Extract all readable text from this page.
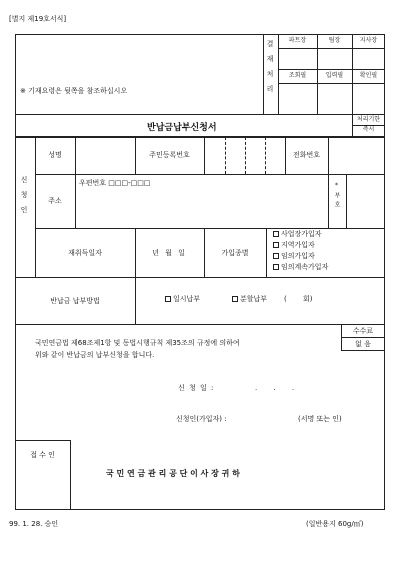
[별지 제19호서식]
결재처리	파트장	팀장	지사장
조회필	입력필	확인필
※ 기재요령은 뒷쪽을 참조하십시오
반납금납부신청서
처리기한
즉시
신청인
성명	주민등록번호	전화번호
주소
우편번호 □□□-□□□	*부호
재취득일자	년 월 일	가입종별
사업장가입자
지역가입자
임의가입자
임의계속가입자
반납금 납부방법	일시납부	분할납부 ( 회)
수수료
없 음
국민연금법 제68조제1항 및 동법시행규칙 제35조의 규정에 의하여
위와 같이 반납금의 납부신청을 합니다.
신 청 일 :	. . .
신청인(가입자) :	(서명 또는 인)
접 수 인
국 민 연 금 관 리 공 단 이 사 장 귀 하
99. 1. 28. 승인	(일반용지 60g/㎡)
